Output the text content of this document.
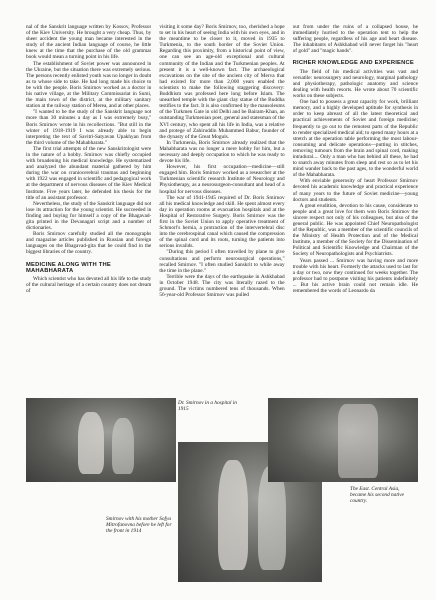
nal of the Sanskrit language written by Kossov, Professor of the Kiev University. He brought a very cheap. Thus, by sheer accident the young man became interested in the study of the ancient Indian language of course, he little knew at the time that the purchase of the old grammar book would mean a turning point in his life.

The establishment of Soviet power was announced in the Ukraine, but the situation there was extremely serious. The persons recently enlisted youth was no longer in doubt as to whose side to take. He had long made his choice to be with the people. Boris Smirnov worked as a doctor in his native village, at the Military Commissariat in Sumi, the main town of the district, at the military sanitary station at the railway station of Merea, and at other places.

"I wanted to be the study of the Sanskrit language not more than 30 minutes a day as I was extremely busy," Boris Smirnov wrote in his recollections. "But still in the winter of 1918-1919 I was already able to begin interpreting the text of Savitri-Satyavan Upakhyan from the third volume of the Mahabharata."

The first trial attempts of the new Sanskritologist were in the nature of a hobby. Smirnov was chiefly occupied with broadening his medical knowledge. He systematized and analyzed the abundant material gathered by him during the war on craniocerebral traumas and beginning with 1922 was engaged in scientific and pedagogical work at the department of nervous diseases of the Kiev Medical Institute. Five years later, he defended his thesis for the title of an assistant professor.

Nevertheless, the study of the Sanskrit language did not lose its attraction for the young scientist. He succeeded in finding and buying for himself a copy of the Bhagavad-gita printed in the Devanagari script and a number of dictionaries.

Boris Smirnov carefully studied all the monographs and magazine articles published in Russian and foreign languages on the Bhagavad-gita that he could find in the biggest libraries of the country.

MEDICINE ALONG WITH THE MAHABHARATA

Which scientist who has devoted all his life to the study of the cultural heritage of a certain country does not dream of

visiting it some day? Boris Smirnov, too, cherished a hope to set in his heart of seeing India with his own eyes, and in the meantime to be closer to it, moved in 1935 to Turkmenia, to the south border of the Soviet Union. Regarding this proximity, from a historical point of view, one can see an age-old exceptional and cultural community of the Indian and the Turkmenian peoples. At present it is a well-known fact. The archaeological excavations on the site of the ancient city of Merva that had existed for more than 2,000 years enabled the scientists to make the following staggering discovery: Buddhism was professed here long before Islam. The unearthed temple with the giant clay statue of the Buddha testifies to the fact. It is also confirmed by the mausoleums of the Turkmen Gate in old Delhi and be Bairam-Khan, an outstanding Turkmenian poet, general and statesman of the XVI century, who spent all his life in India, was a relative and protege of Zahiruddin Muhammed Babur, founder of the dynasty of the Great Moguls.

In Turkmenia, Boris Smirnov already realized that the Mahabharata was no longer a mere hobby for him, but a necessary and deeply occupation to which he was ready to devote his life.

However, his first occupation—medicine—still engaged him. Boris Smirnov worked as a researcher at the Turkmenian scientific research Institute of Neurology and Physiotherapy, as a neurosurgeon-consultant and head of a hospital for nervous diseases.

The war of 1941-1945 required of Dr. Boris Smirnov all his medical knowledge and skill. He spent almost every day in operation rooms at evacuation hospitals and at the Hospital of Restorative Surgery. Boris Smirnov was the first in the Soviet Union to apply operative treatment of Schmorl's hernia, a protraction of the intervertebral disc into the cerebrospinal canal which caused the compression of the spinal cord and its roots, turning the patients into serious invalids.

"During this period I often travelled by plane to give consultations and perform neurosurgical operations," recalled Smirnov. "I often studied Sanskrit to while away the time in the plane."

Terrible were the days of the earthquake in Ashkhabad in October 1948. The city was literally razed to the ground. The victims numbered tens of thousands. When 56-year-old Professor Smirnov was pulled

out from under the ruins of a collapsed house, he immediately hurried to the operation tent to help the suffering people, regardless of his age and heart disease. The inhabitants of Ashkhabad will never forget his "heart of gold" and "magic hands".

RICHER KNOWLEDGE AND EXPERIENCE

The field of his medical activities was vast and versatile: neurosurgery and neurology, marginal pathology and physiotherapy, pathologic anatomy and science dealing with health resorts. He wrote about 70 scientific works on these subjects.

One had to possess a great capacity for work, brilliant memory, and a highly developed aptitude for synthesis in order to keep abreast of all the latest theoretical and practical achievements of Soviet and foreign medicine; frequently to go out to the remotest parts of the Republic to render specialized medical aid; to spend many hours at a stretch at the operation table performing the most labour-consuming and delicate operations—putting in stitches, removing tumours from the brain and spinal cord, making intradural.... Only a man who has behind all these, he had to snatch away minutes from sleep and rest so as to let his mind wander back to the past ages, to the wonderful world of the Mahabharata.

With enviable generosity of heart Professor Smirnov devoted his academic knowledge and practical experience of many years to the future of Soviet medicine—young doctors and students.

A great erudition, devotion to his cause, considerate to people and a great love for them won Boris Smirnov the sincere respect not only of his colleagues, but also of the general public. He was appointed Chief Neuropathologist of the Republic, was a member of the scientific councils of the Ministry of Health Protection and of the Medical Institute, a member of the Society for the Dissemination of Political and Scientific Knowledge and Chairman of the Society of Neuropathologists and Psychiatrists.

Years passed ... Smirnov was having more and more trouble with his heart. Formerly the attacks used to last for a day or two, now they continued for weeks together. The professor had to postpone visiting his patients indefinitely ... But his active brain could not remain idle. He remembered the words of Leonardo da

Dr. Smirnov in a hospital in 1915
Smirnov with his mother Sofya Mitrofanovna before he left for the front in 1914
The East. Central Asia, became his second native country.
